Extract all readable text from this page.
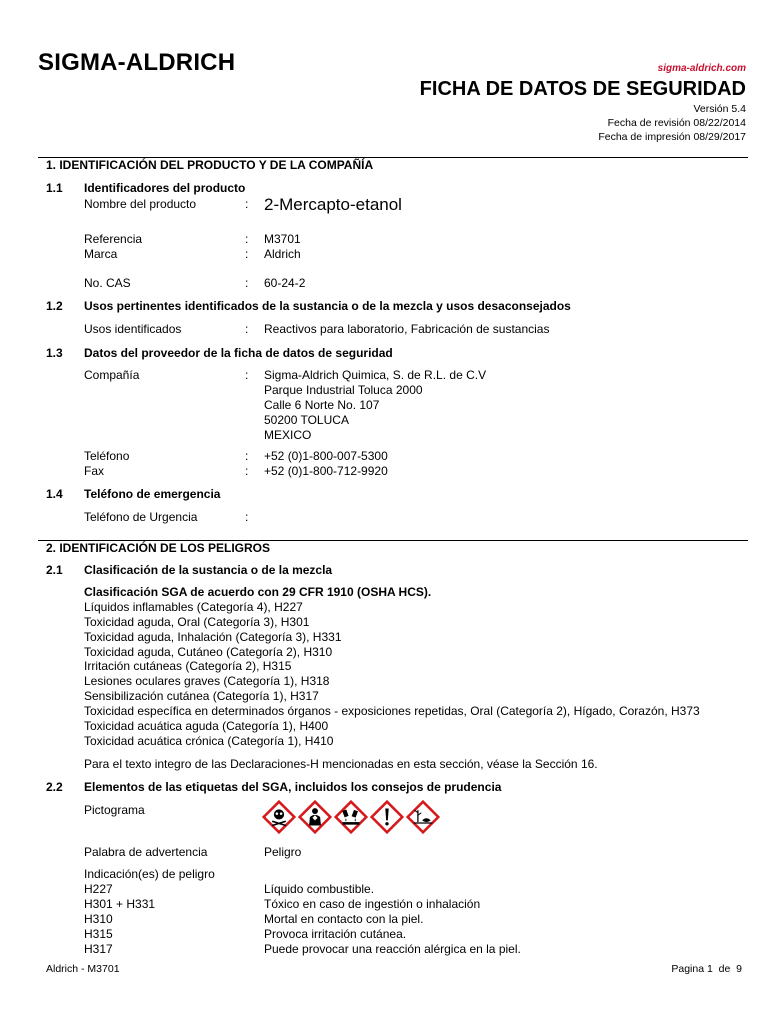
SIGMA-ALDRICH	sigma-aldrich.com
FICHA DE DATOS DE SEGURIDAD
Versión 5.4
Fecha de revisión 08/22/2014
Fecha de impresión 08/29/2017
1. IDENTIFICACIÓN DEL PRODUCTO Y DE LA COMPAÑÍA
1.1 Identificadores del producto
Nombre del producto	: 2-Mercapto-etanol
Referencia	: M3701
Marca	: Aldrich
No. CAS	: 60-24-2
1.2 Usos pertinentes identificados de la sustancia o de la mezcla y usos desaconsejados
Usos identificados	: Reactivos para laboratorio, Fabricación de sustancias
1.3 Datos del proveedor de la ficha de datos de seguridad
Compañía	: Sigma-Aldrich Quimica, S. de R.L. de C.V
Parque Industrial Toluca 2000
Calle 6 Norte No. 107
50200 TOLUCA
MEXICO
Teléfono	: +52 (0)1-800-007-5300
Fax	: +52 (0)1-800-712-9920
1.4 Teléfono de emergencia
Teléfono de Urgencia	:
2. IDENTIFICACIÓN DE LOS PELIGROS
2.1 Clasificación de la sustancia o de la mezcla
Clasificación SGA de acuerdo con 29 CFR 1910 (OSHA HCS).
Líquidos inflamables (Categoría 4), H227
Toxicidad aguda, Oral (Categoría 3), H301
Toxicidad aguda, Inhalación (Categoría 3), H331
Toxicidad aguda, Cutáneo (Categoría 2), H310
Irritación cutáneas (Categoría 2), H315
Lesiones oculares graves (Categoría 1), H318
Sensibilización cutánea (Categoría 1), H317
Toxicidad específica en determinados órganos - exposiciones repetidas, Oral (Categoría 2), Hígado, Corazón, H373
Toxicidad acuática aguda (Categoría 1), H400
Toxicidad acuática crónica (Categoría 1), H410
Para el texto integro de las Declaraciones-H mencionadas en esta sección, véase la Sección 16.
2.2 Elementos de las etiquetas del SGA, incluidos los consejos de prudencia
Pictograma
Palabra de advertencia	Peligro
Indicación(es) de peligro
H227	Líquido combustible.
H301 + H331	Tóxico en caso de ingestión o inhalación
H310	Mortal en contacto con la piel.
H315	Provoca irritación cutánea.
H317	Puede provocar una reacción alérgica en la piel.
Aldrich - M3701	Pagina 1  de  9
